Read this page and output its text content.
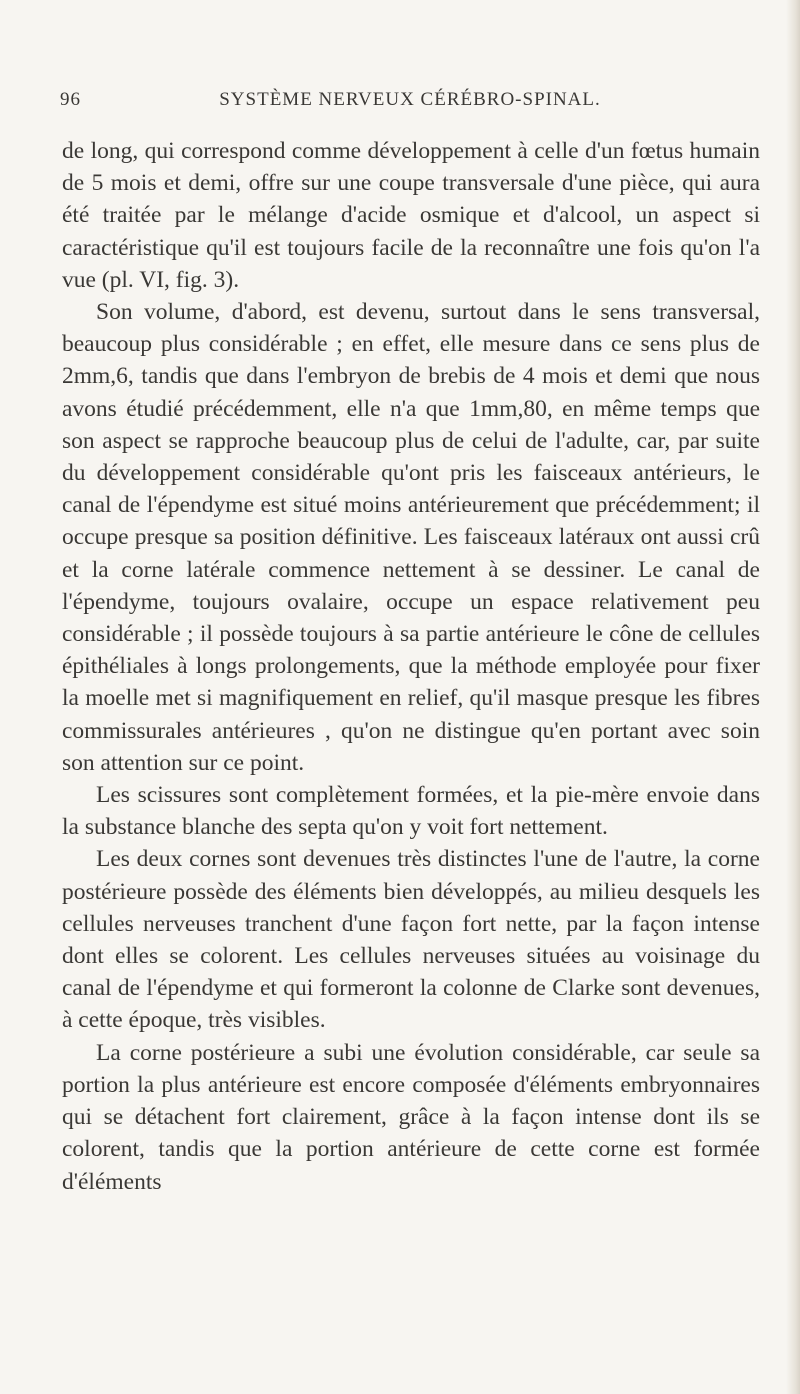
96	SYSTÈME NERVEUX CÉRÉBRO-SPINAL.

de long, qui correspond comme développement à celle d'un fœtus humain de 5 mois et demi, offre sur une coupe transversale d'une pièce, qui aura été traitée par le mélange d'acide osmique et d'alcool, un aspect si caractéristique qu'il est toujours facile de la reconnaître une fois qu'on l'a vue (pl. VI, fig. 3).

Son volume, d'abord, est devenu, surtout dans le sens transversal, beaucoup plus considérable ; en effet, elle mesure dans ce sens plus de 2mm,6, tandis que dans l'embryon de brebis de 4 mois et demi que nous avons étudié précédemment, elle n'a que 1mm,80, en même temps que son aspect se rapproche beaucoup plus de celui de l'adulte, car, par suite du développement considérable qu'ont pris les faisceaux antérieurs, le canal de l'épendyme est situé moins antérieurement que précédemment; il occupe presque sa position définitive. Les faisceaux latéraux ont aussi crû et la corne latérale commence nettement à se dessiner. Le canal de l'épendyme, toujours ovalaire, occupe un espace relativement peu considérable ; il possède toujours à sa partie antérieure le cône de cellules épithéliales à longs prolongements, que la méthode employée pour fixer la moelle met si magnifiquement en relief, qu'il masque presque les fibres commissurales antérieures , qu'on ne distingue qu'en portant avec soin son attention sur ce point.

Les scissures sont complètement formées, et la pie-mère envoie dans la substance blanche des septa qu'on y voit fort nettement.

Les deux cornes sont devenues très distinctes l'une de l'autre, la corne postérieure possède des éléments bien développés, au milieu desquels les cellules nerveuses tranchent d'une façon fort nette, par la façon intense dont elles se colorent. Les cellules nerveuses situées au voisinage du canal de l'épendyme et qui formeront la colonne de Clarke sont devenues, à cette époque, très visibles.

La corne postérieure a subi une évolution considérable, car seule sa portion la plus antérieure est encore composée d'éléments embryonnaires qui se détachent fort clairement, grâce à la façon intense dont ils se colorent, tandis que la portion antérieure de cette corne est formée d'éléments
